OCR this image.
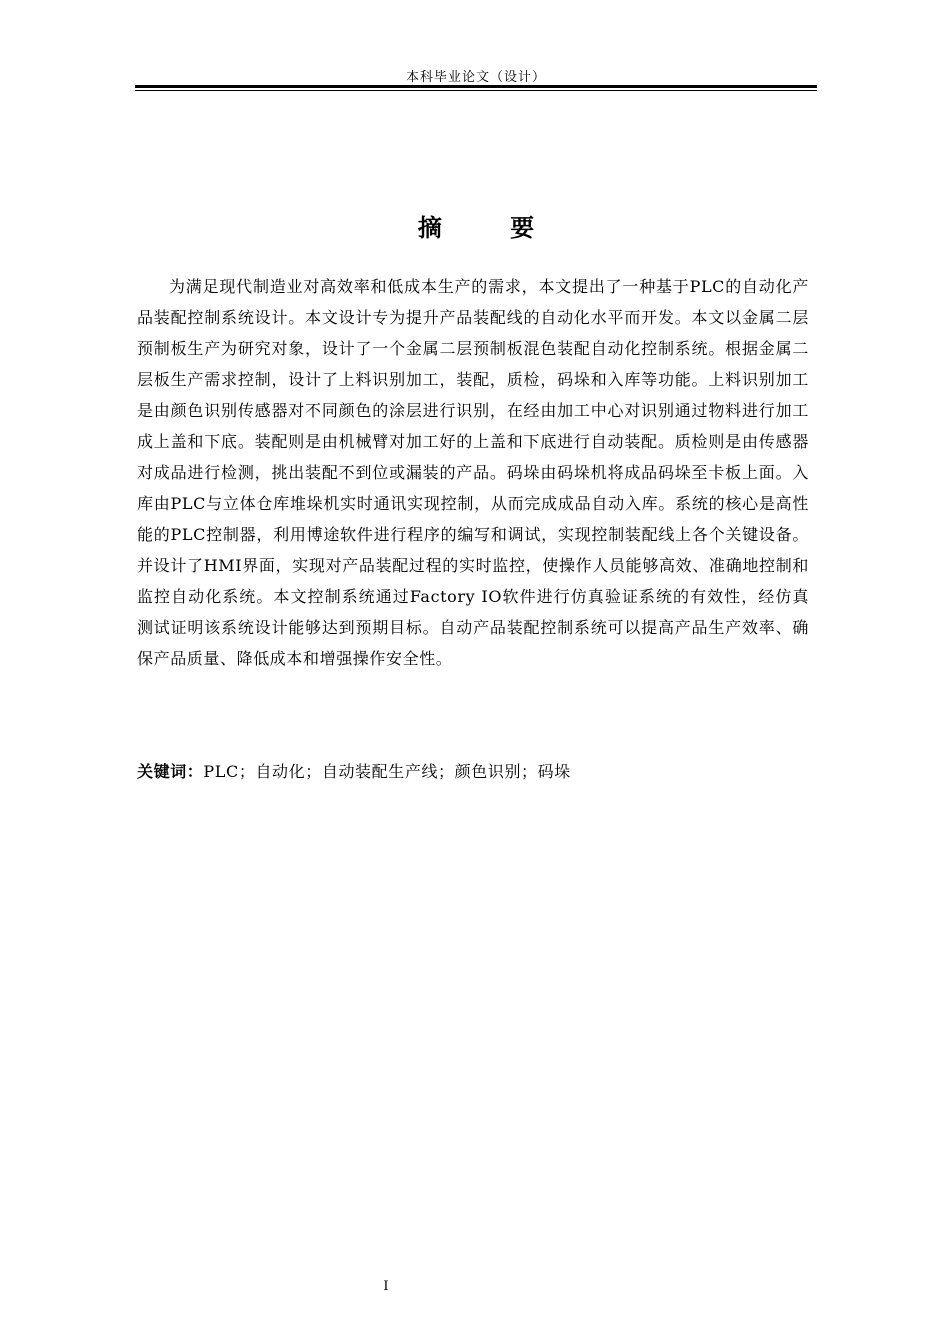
本科毕业论文（设计）
摘 要
为满足现代制造业对高效率和低成本生产的需求，本文提出了一种基于PLC的自动化产品装配控制系统设计。本文设计专为提升产品装配线的自动化水平而开发。本文以金属二层预制板生产为研究对象，设计了一个金属二层预制板混色装配自动化控制系统。根据金属二层板生产需求控制，设计了上料识别加工，装配，质检，码垛和入库等功能。上料识别加工是由颜色识别传感器对不同颜色的涂层进行识别，在经由加工中心对识别通过物料进行加工成上盖和下底。装配则是由机械臂对加工好的上盖和下底进行自动装配。质检则是由传感器对成品进行检测，挑出装配不到位或漏装的产品。码垛由码垛机将成品码垛至卡板上面。入库由PLC与立体仓库堆垛机实时通讯实现控制，从而完成成品自动入库。系统的核心是高性能的PLC控制器，利用博途软件进行程序的编写和调试，实现控制装配线上各个关键设备。并设计了HMI界面，实现对产品装配过程的实时监控，使操作人员能够高效、准确地控制和监控自动化系统。本文控制系统通过Factory IO软件进行仿真验证系统的有效性，经仿真测试证明该系统设计能够达到预期目标。自动产品装配控制系统可以提高产品生产效率、确保产品质量、降低成本和增强操作安全性。
关键词：PLC；自动化；自动装配生产线；颜色识别；码垛
I
